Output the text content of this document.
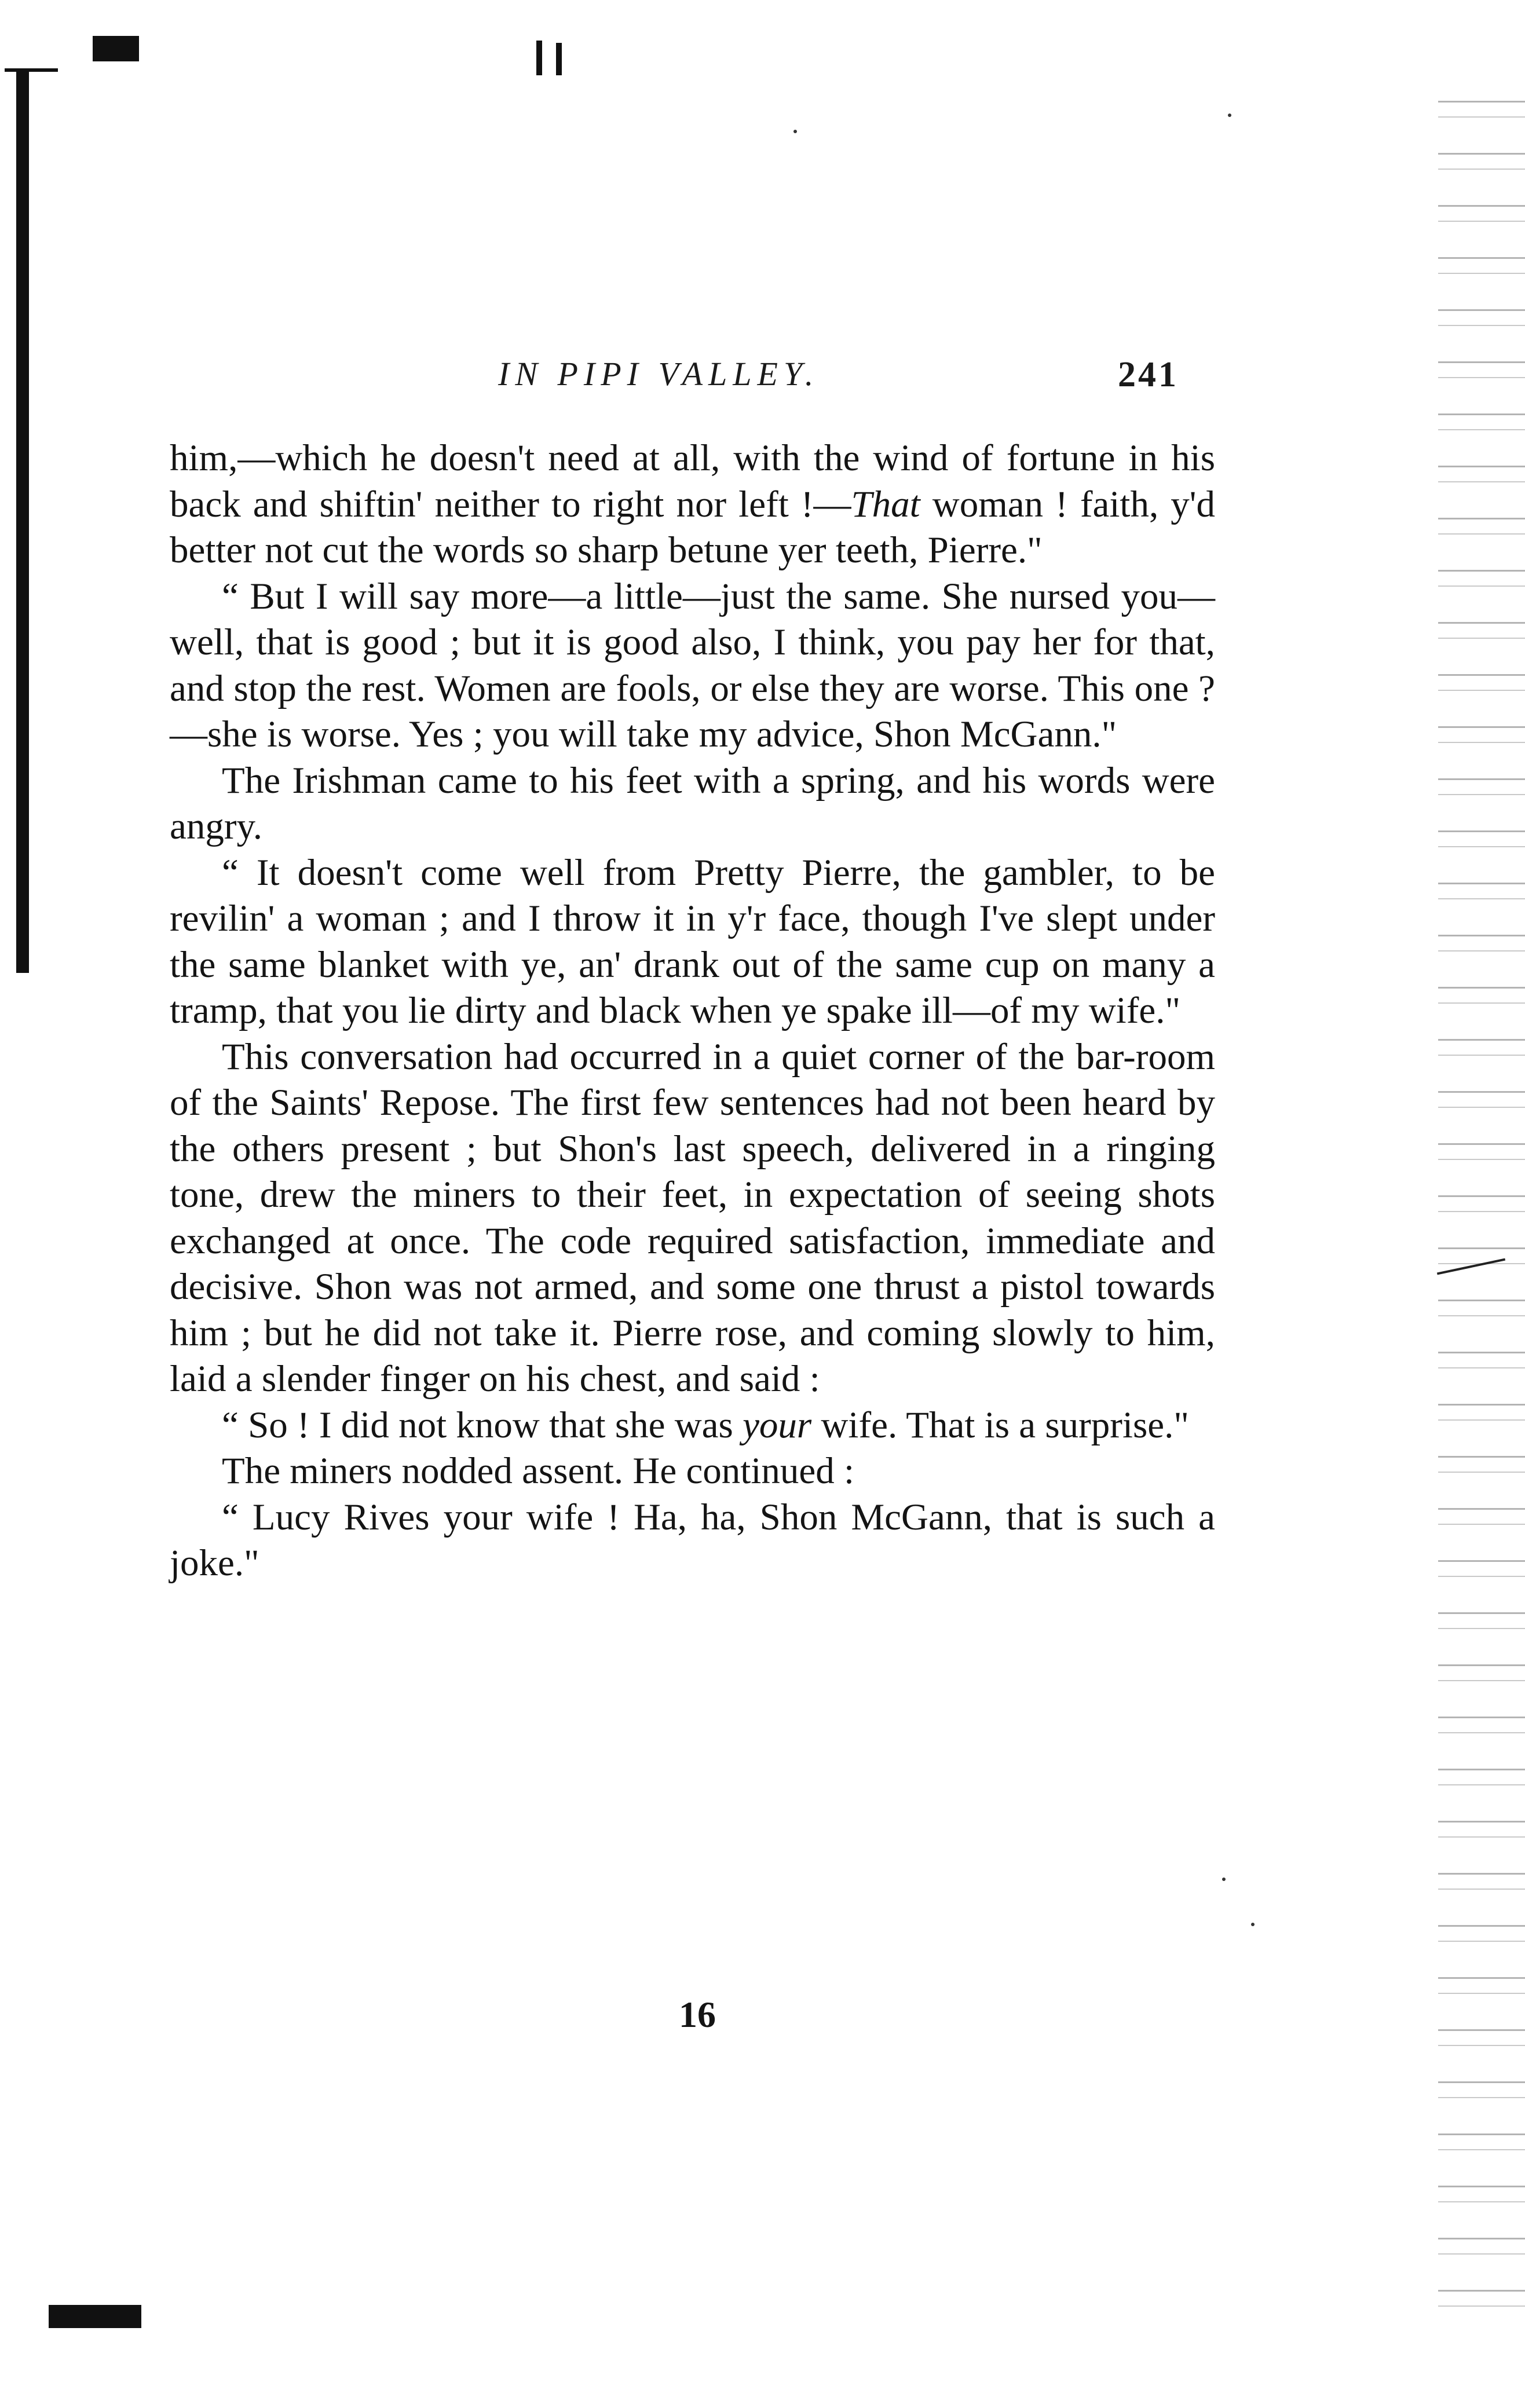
IN PIPI VALLEY.	241

him,—which he doesn't need at all, with the wind of fortune in his back and shiftin' neither to right nor left !—That woman ! faith, y'd better not cut the words so sharp betune yer teeth, Pierre."

“ But I will say more—a little—just the same. She nursed you—well, that is good ; but it is good also, I think, you pay her for that, and stop the rest. Women are fools, or else they are worse. This one ? —she is worse. Yes ; you will take my advice, Shon McGann."

The Irishman came to his feet with a spring, and his words were angry.

“ It doesn't come well from Pretty Pierre, the gambler, to be revilin' a woman ; and I throw it in y'r face, though I've slept under the same blanket with ye, an' drank out of the same cup on many a tramp, that you lie dirty and black when ye spake ill—of my wife."

This conversation had occurred in a quiet corner of the bar-room of the Saints' Repose. The first few sentences had not been heard by the others present ; but Shon's last speech, delivered in a ringing tone, drew the miners to their feet, in expectation of seeing shots exchanged at once. The code required satisfaction, immediate and decisive. Shon was not armed, and some one thrust a pistol towards him ; but he did not take it. Pierre rose, and coming slowly to him, laid a slender finger on his chest, and said :

“ So ! I did not know that she was your wife. That is a surprise."

The miners nodded assent. He continued :

“ Lucy Rives your wife ! Ha, ha, Shon McGann, that is such a joke."

16
